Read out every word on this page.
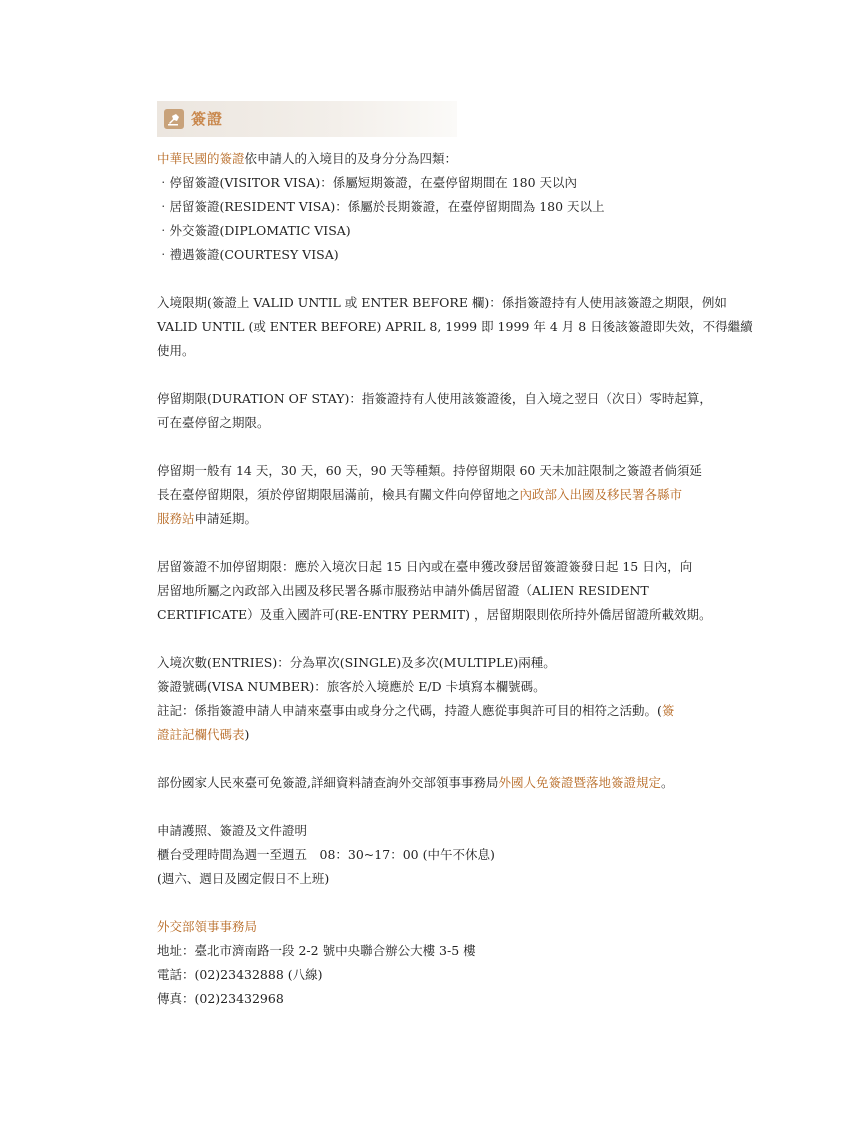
簽證
中華民國的簽證依申請人的入境目的及身分分為四類：
‧停留簽證(VISITOR VISA)：係屬短期簽證，在臺停留期間在 180 天以內
‧居留簽證(RESIDENT VISA)：係屬於長期簽證，在臺停留期間為 180 天以上
‧外交簽證(DIPLOMATIC VISA)
‧禮遇簽證(COURTESY VISA)
入境限期(簽證上 VALID UNTIL 或 ENTER BEFORE 欄)：係指簽證持有人使用該簽證之期限，例如
VALID UNTIL (或 ENTER BEFORE) APRIL 8, 1999 即 1999 年 4 月 8 日後該簽證即失效，不得繼續
使用。
停留期限(DURATION OF STAY)：指簽證持有人使用該簽證後，自入境之翌日（次日）零時起算，
可在臺停留之期限。
停留期一般有 14 天，30 天，60 天，90 天等種類。持停留期限 60 天未加註限制之簽證者倘須延
長在臺停留期限，須於停留期限屆滿前，檢具有關文件向停留地之內政部入出國及移民署各縣市
服務站申請延期。
居留簽證不加停留期限：應於入境次日起 15 日內或在臺申獲改發居留簽證簽發日起 15 日內，向
居留地所屬之內政部入出國及移民署各縣市服務站申請外僑居留證（ALIEN RESIDENT
CERTIFICATE）及重入國許可(RE-ENTRY PERMIT) ，居留期限則依所持外僑居留證所載效期。
入境次數(ENTRIES)：分為單次(SINGLE)及多次(MULTIPLE)兩種。
簽證號碼(VISA NUMBER)：旅客於入境應於 E/D 卡填寫本欄號碼。
註記：係指簽證申請人申請來臺事由或身分之代碼，持證人應從事與許可目的相符之活動。(簽
證註記欄代碼表)
部份國家人民來臺可免簽證,詳細資料請查詢外交部領事事務局外國人免簽證暨落地簽證規定。
申請護照、簽證及文件證明
櫃台受理時間為週一至週五　08：30~17：00 (中午不休息)
(週六、週日及國定假日不上班)
外交部領事事務局
地址：臺北市濟南路一段 2-2 號中央聯合辦公大樓 3-5 樓
電話：(02)23432888 (八線)
傳真：(02)23432968
